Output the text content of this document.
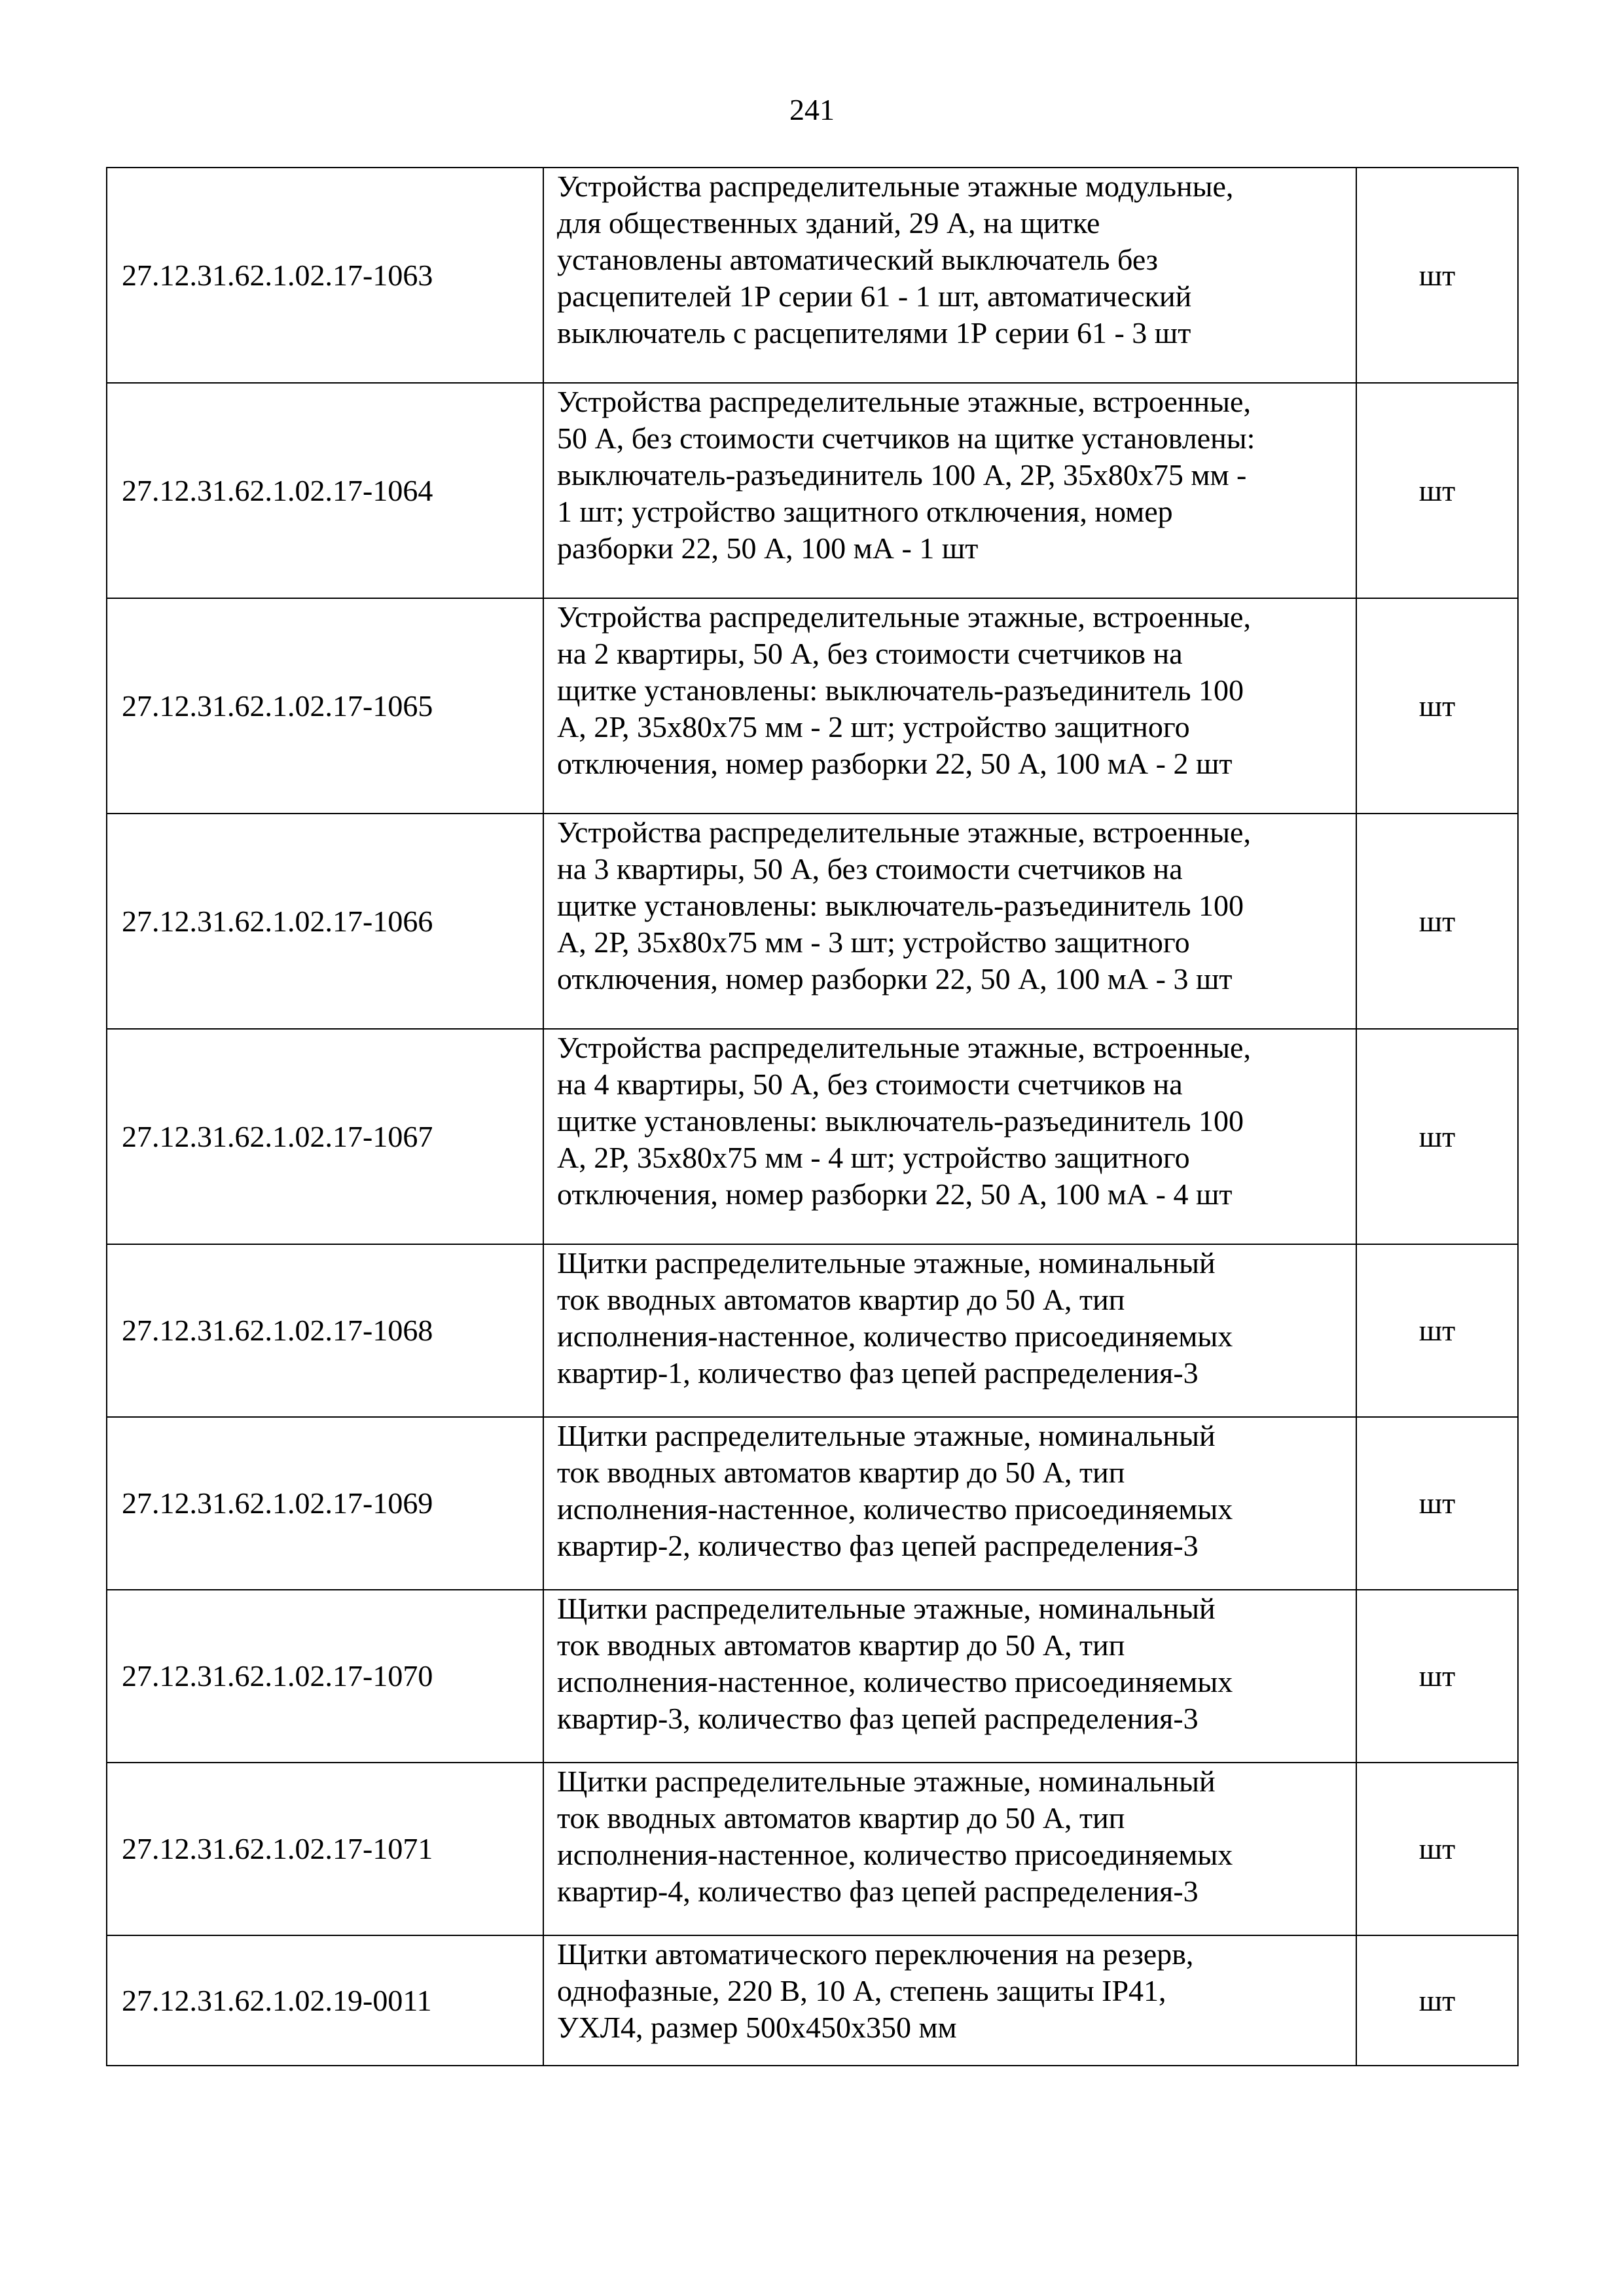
241
27.12.31.62.1.02.17-1063	Устройства распределительные этажные модульные,
для общественных зданий, 29 А, на щитке
установлены автоматический выключатель без
расцепителей 1Р серии 61 - 1 шт, автоматический
выключатель с расцепителями 1Р серии 61 - 3 шт	шт
27.12.31.62.1.02.17-1064	Устройства распределительные этажные, встроенные,
50 А, без стоимости счетчиков на щитке установлены:
выключатель-разъединитель 100 А, 2Р, 35х80х75 мм -
1 шт; устройство защитного отключения, номер
разборки 22, 50 А, 100 мА - 1 шт	шт
27.12.31.62.1.02.17-1065	Устройства распределительные этажные, встроенные,
на 2 квартиры, 50 А, без стоимости счетчиков на
щитке установлены: выключатель-разъединитель 100
А, 2Р, 35х80х75 мм - 2 шт; устройство защитного
отключения, номер разборки 22, 50 А, 100 мА - 2 шт	шт
27.12.31.62.1.02.17-1066	Устройства распределительные этажные, встроенные,
на 3 квартиры, 50 А, без стоимости счетчиков на
щитке установлены: выключатель-разъединитель 100
А, 2Р, 35х80х75 мм - 3 шт; устройство защитного
отключения, номер разборки 22, 50 А, 100 мА - 3 шт	шт
27.12.31.62.1.02.17-1067	Устройства распределительные этажные, встроенные,
на 4 квартиры, 50 А, без стоимости счетчиков на
щитке установлены: выключатель-разъединитель 100
А, 2Р, 35х80х75 мм - 4 шт; устройство защитного
отключения, номер разборки 22, 50 А, 100 мА - 4 шт	шт
27.12.31.62.1.02.17-1068	Щитки распределительные этажные, номинальный
ток вводных автоматов квартир до 50 А, тип
исполнения-настенное, количество присоединяемых
квартир-1, количество фаз цепей распределения-3	шт
27.12.31.62.1.02.17-1069	Щитки распределительные этажные, номинальный
ток вводных автоматов квартир до 50 А, тип
исполнения-настенное, количество присоединяемых
квартир-2, количество фаз цепей распределения-3	шт
27.12.31.62.1.02.17-1070	Щитки распределительные этажные, номинальный
ток вводных автоматов квартир до 50 А, тип
исполнения-настенное, количество присоединяемых
квартир-3, количество фаз цепей распределения-3	шт
27.12.31.62.1.02.17-1071	Щитки распределительные этажные, номинальный
ток вводных автоматов квартир до 50 А, тип
исполнения-настенное, количество присоединяемых
квартир-4, количество фаз цепей распределения-3	шт
27.12.31.62.1.02.19-0011	Щитки автоматического переключения на резерв,
однофазные, 220 В, 10 А, степень защиты IP41,
УХЛ4, размер 500х450х350 мм	шт
